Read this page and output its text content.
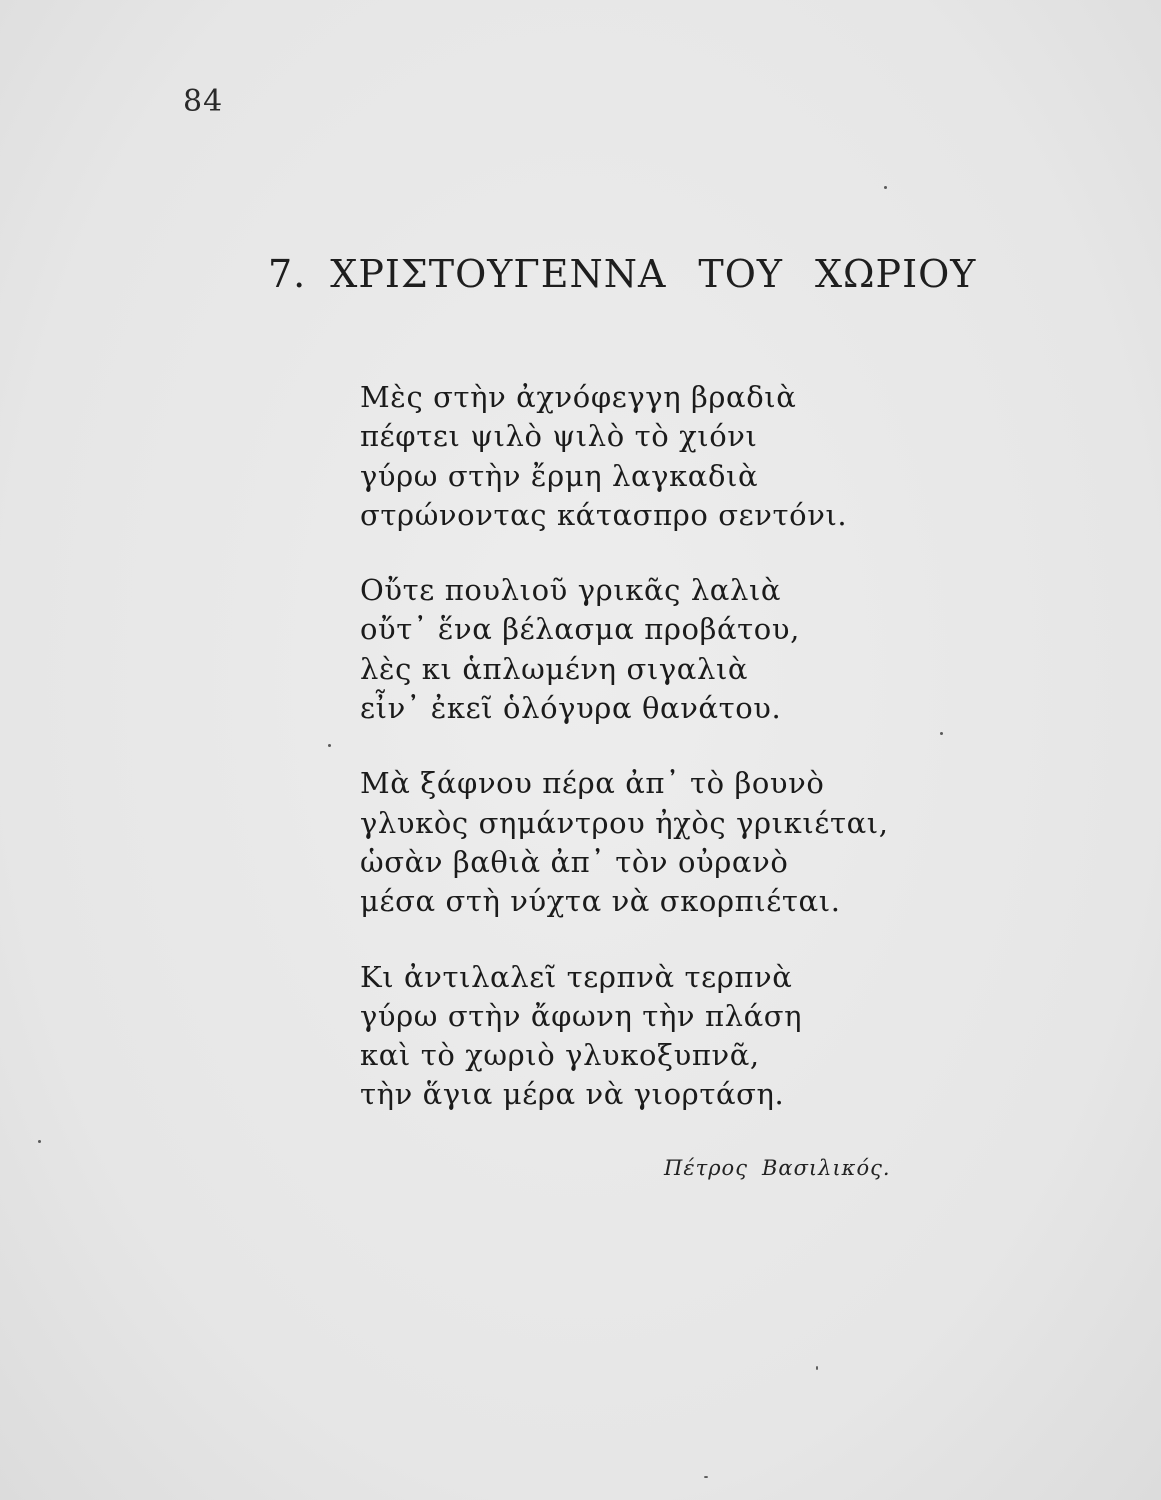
84
7. ΧΡΙΣΤΟΥΓΕΝΝΑ ΤΟΥ ΧΩΡΙΟΥ
Μὲς στὴν ἀχνόφεγγη βραδιὰ
πέφτει ψιλὸ ψιλὸ τὸ χιόνι
γύρω στὴν ἔρμη λαγκαδιὰ
στρώνοντας κάτασπρο σεντόνι.
Οὔτε πουλιοῦ γρικᾶς λαλιὰ
οὔτ᾿ ἕνα βέλασμα προβάτου,
λὲς κι ἁπλωμένη σιγαλιὰ
εἶν᾿ ἐκεῖ ὁλόγυρα θανάτου.
Μὰ ξάφνου πέρα ἀπ᾿ τὸ βουνὸ
γλυκὸς σημάντρου ἠχὸς γρικιέται,
ὡσὰν βαθιὰ ἀπ᾿ τὸν οὐρανὸ
μέσα στὴ νύχτα νὰ σκορπιέται.
Κι ἀντιλαλεῖ τερπνὰ τερπνὰ
γύρω στὴν ἄφωνη τὴν πλάση
καὶ τὸ χωριὸ γλυκοξυπνᾶ,
τὴν ἅγια μέρα νὰ γιορτάση.
Πέτρος Βασιλικός.
